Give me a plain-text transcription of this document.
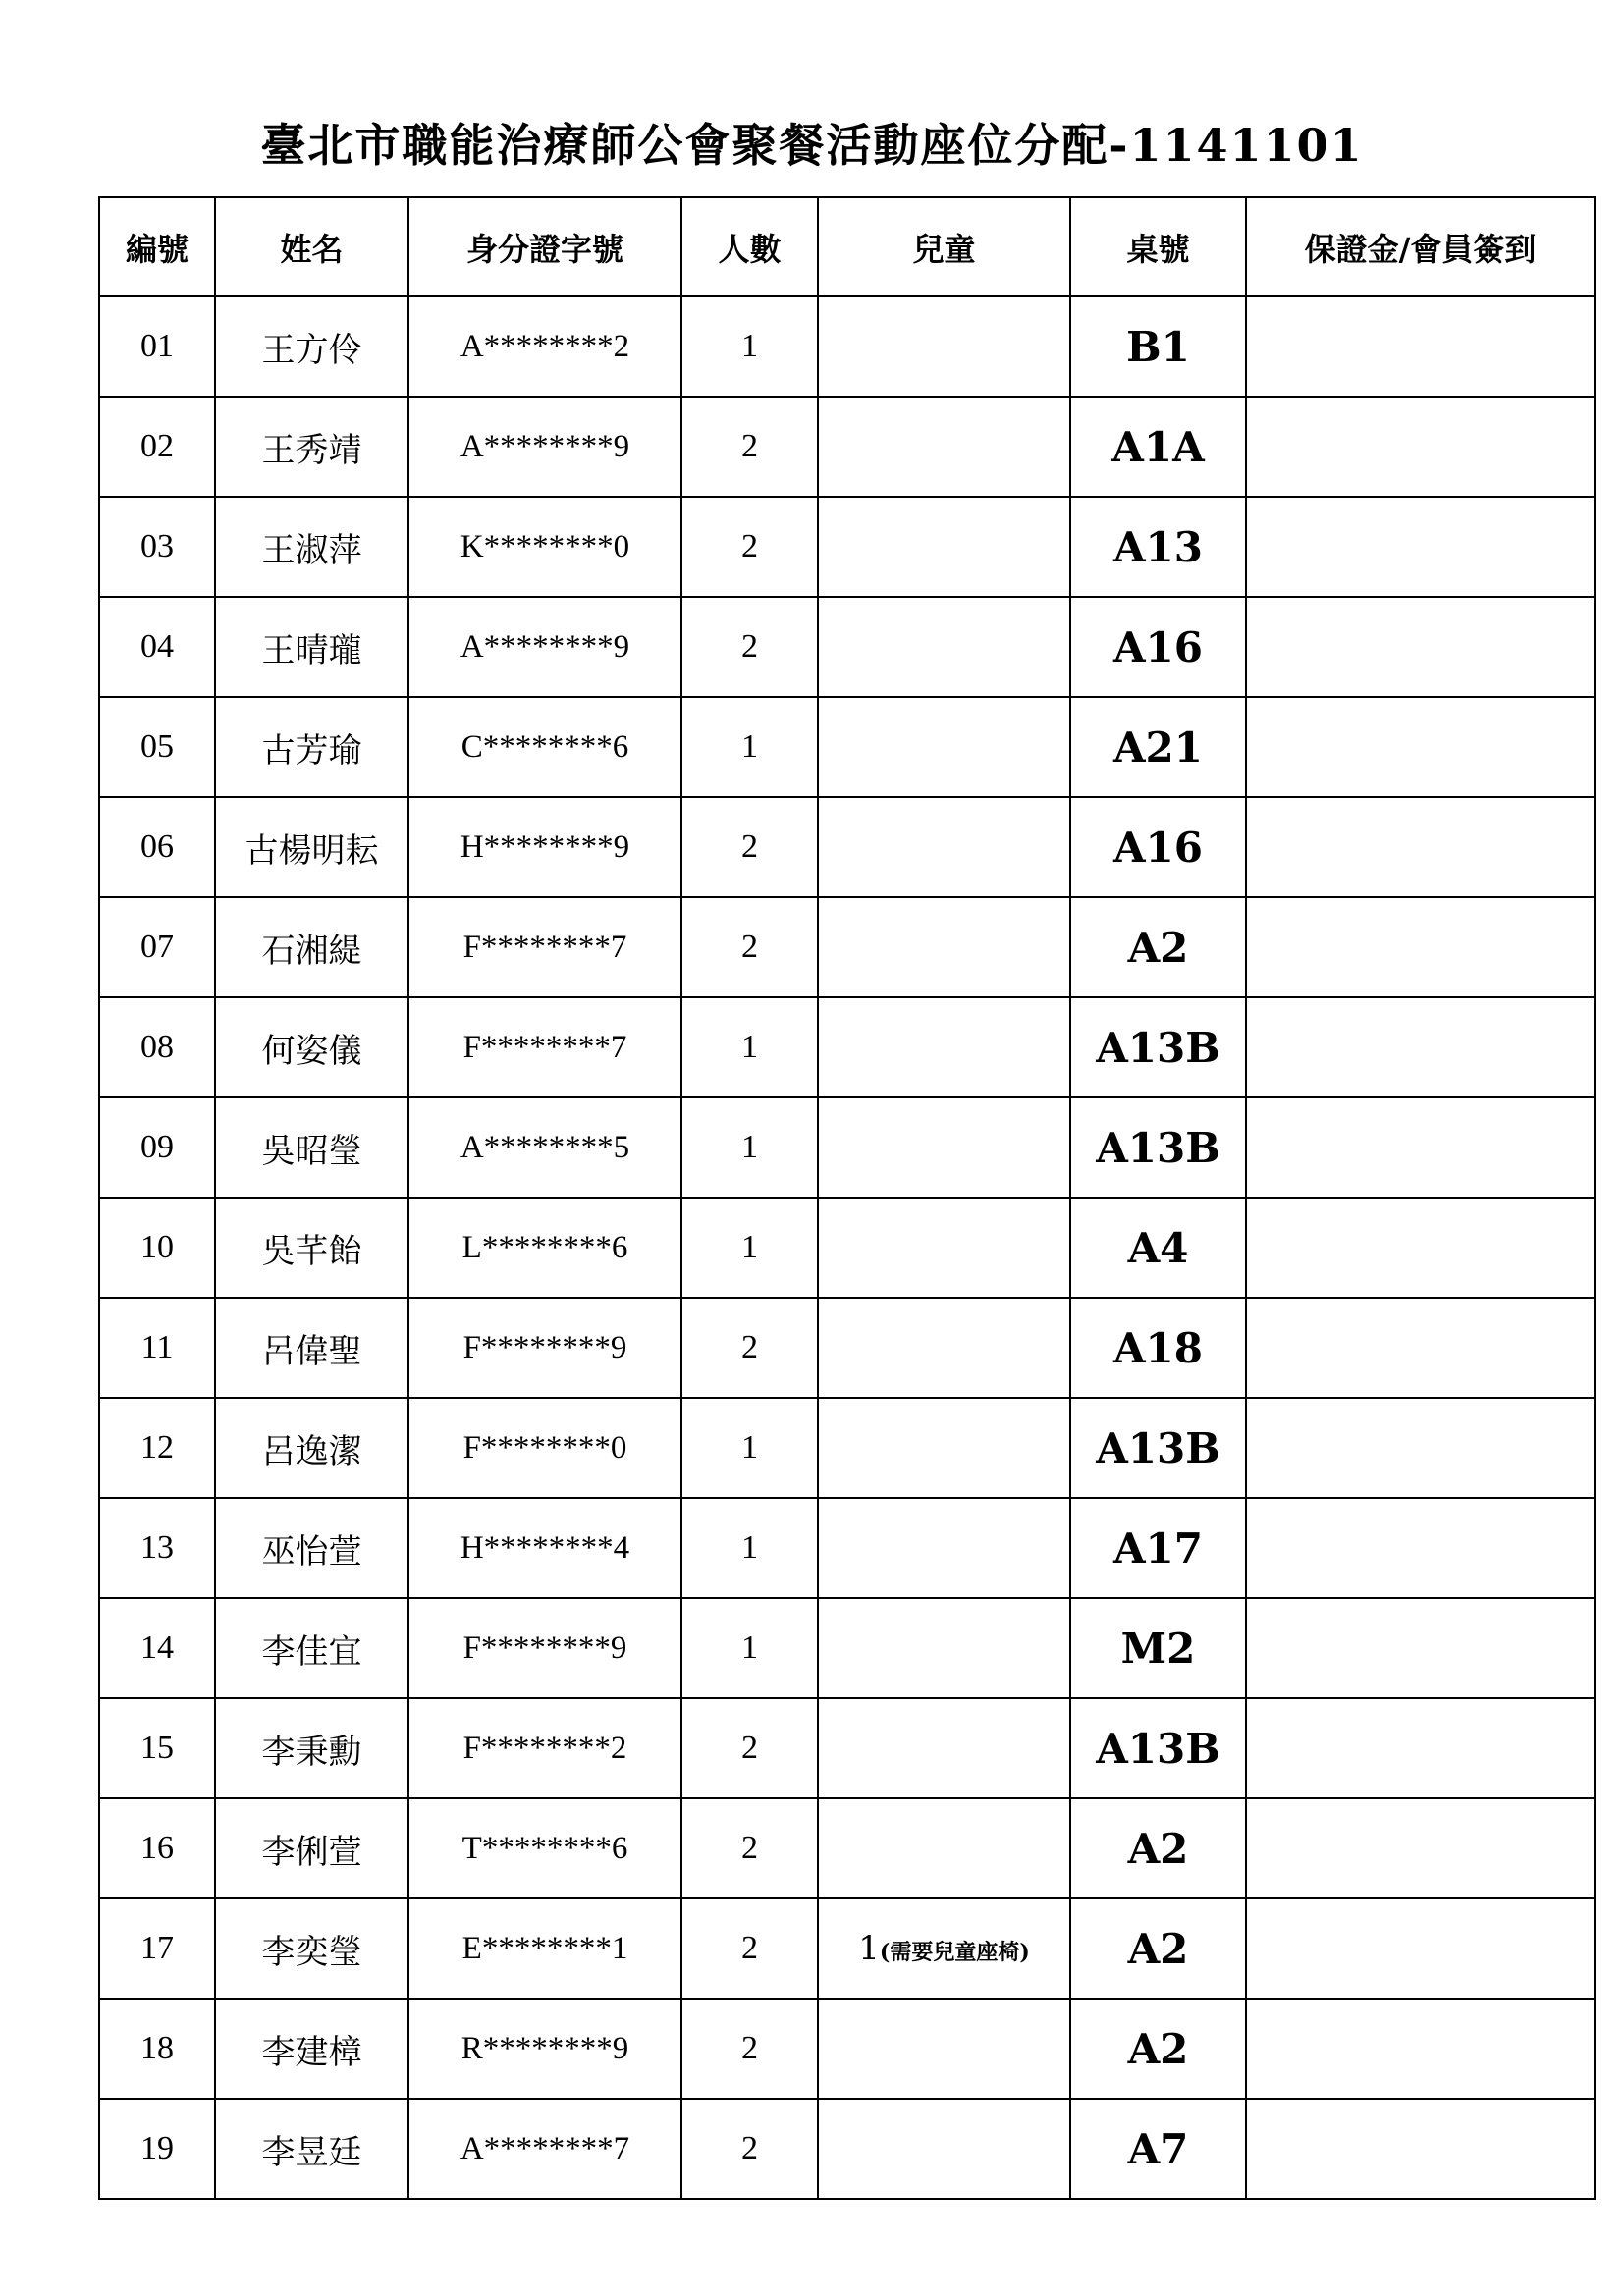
臺北市職能治療師公會聚餐活動座位分配-1141101
編號	姓名	身分證字號	人數	兒童	桌號	保證金/會員簽到
01	王方伶	A********2	1		B1	
02	王秀靖	A********9	2		A1A	
03	王淑萍	K********0	2		A13	
04	王晴瓏	A********9	2		A16	
05	古芳瑜	C********6	1		A21	
06	古楊明耘	H********9	2		A16	
07	石湘緹	F********7	2		A2	
08	何姿儀	F********7	1		A13B	
09	吳昭瑩	A********5	1		A13B	
10	吳芊飴	L********6	1		A4	
11	呂偉聖	F********9	2		A18	
12	呂逸潔	F********0	1		A13B	
13	巫怡萱	H********4	1		A17	
14	李佳宜	F********9	1		M2	
15	李秉勳	F********2	2		A13B	
16	李俐萱	T********6	2		A2	
17	李奕瑩	E********1	2	1(需要兒童座椅)	A2	
18	李建樟	R********9	2		A2	
19	李昱廷	A********7	2		A7	
